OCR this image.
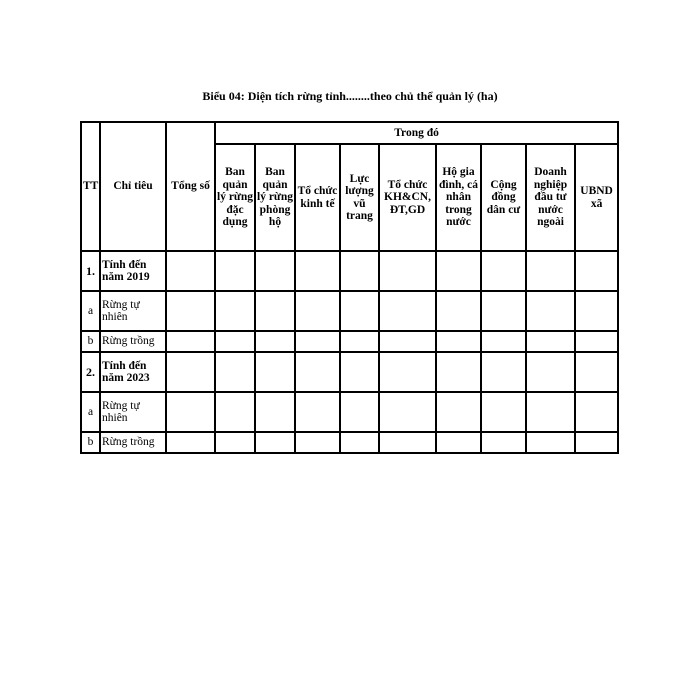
Biểu 04: Diện tích rừng tỉnh........theo chủ thể quản lý (ha)
TT	Chỉ tiêu	Tổng số	Trong đó								
			Ban quản lý rừng đặc dụng	Ban quản lý rừng phòng hộ	Tổ chức kinh tế	Lực lượng vũ trang	Tổ chức KH&CN, ĐT,GD	Hộ gia đình, cá nhân trong nước	Cộng đồng dân cư	Doanh nghiệp đầu tư nước ngoài	UBND xã
1.	Tính đến năm 2019										
a	Rừng tự nhiên										
b	Rừng trồng										
2.	Tính đến năm 2023										
a	Rừng tự nhiên										
b	Rừng trồng										
